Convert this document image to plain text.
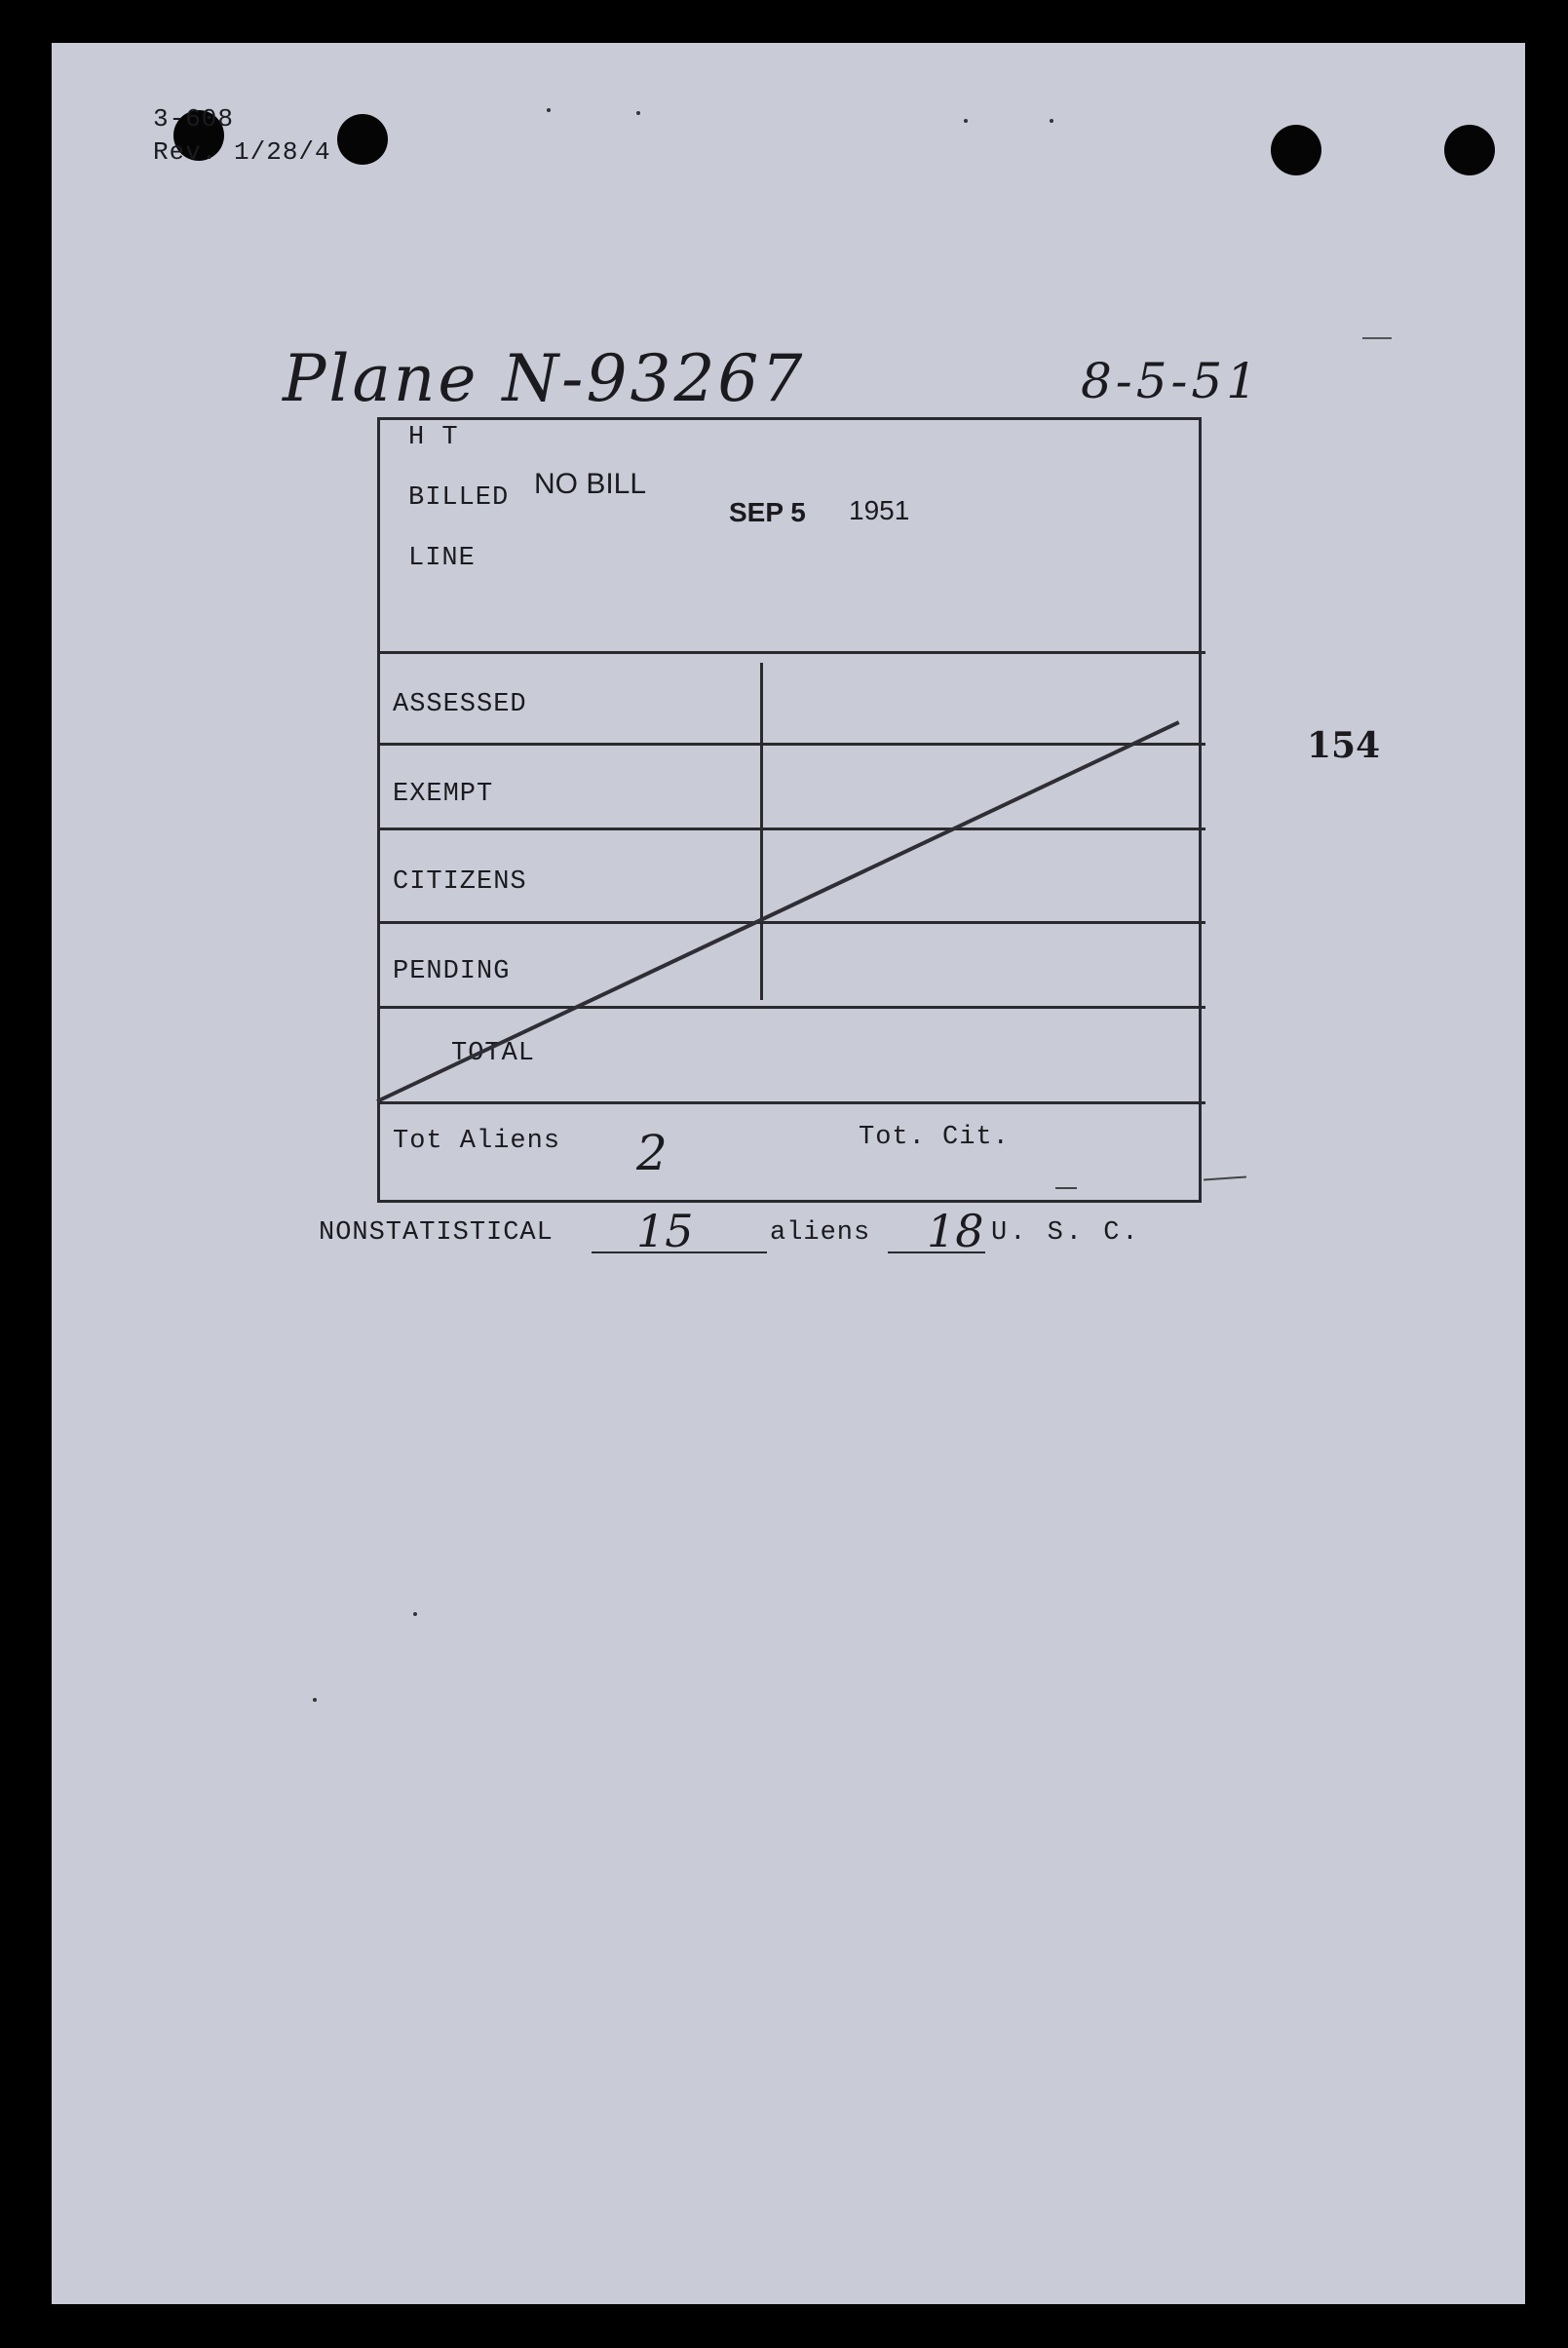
3-608
Rev. 1/28/4
Plane N-93267	8-5-51
H T
BILLED NO BILL
SEP 5 1951
LINE
ASSESSED
EXEMPT
CITIZENS
PENDING
TOTAL
Tot Aliens 2	Tot. Cit.
154
NONSTATISTICAL 15	aliens 18 U. S. C.
